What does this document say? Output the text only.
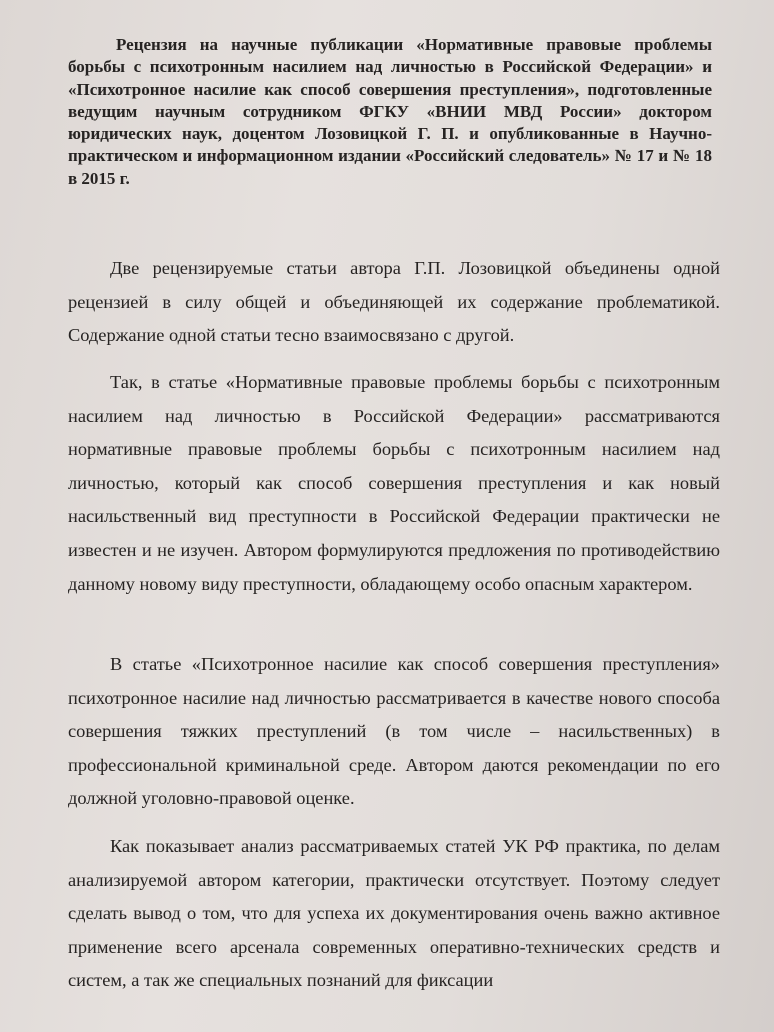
Рецензия на научные публикации «Нормативные правовые проблемы борьбы с психотронным насилием над личностью в Российской Федерации» и «Психотронное насилие как способ совершения преступления», подготовленные ведущим научным сотрудником ФГКУ «ВНИИ МВД России» доктором юридических наук, доцентом Лозовицкой Г. П. и опубликованные в Научно-практическом и информационном издании «Российский следователь» № 17 и № 18 в 2015 г.

Две рецензируемые статьи автора Г.П. Лозовицкой объединены одной рецензией в силу общей и объединяющей их содержание проблематикой. Содержание одной статьи тесно взаимосвязано с другой.

Так, в статье «Нормативные правовые проблемы борьбы с психотронным насилием над личностью в Российской Федерации» рассматриваются нормативные правовые проблемы борьбы с психотронным насилием над личностью, который как способ совершения преступления и как новый насильственный вид преступности в Российской Федерации практически не известен и не изучен. Автором формулируются предложения по противодействию данному новому виду преступности, обладающему особо опасным характером.

В статье «Психотронное насилие как способ совершения преступления» психотронное насилие над личностью рассматривается в качестве нового способа совершения тяжких преступлений (в том числе – насильственных) в профессиональной криминальной среде. Автором даются рекомендации по его должной уголовно-правовой оценке.

Как показывает анализ рассматриваемых статей УК РФ практика, по делам анализируемой автором категории, практически отсутствует. Поэтому следует сделать вывод о том, что для успеха их документирования очень важно активное применение всего арсенала современных оперативно-технических средств и систем, а так же специальных познаний для фиксации
